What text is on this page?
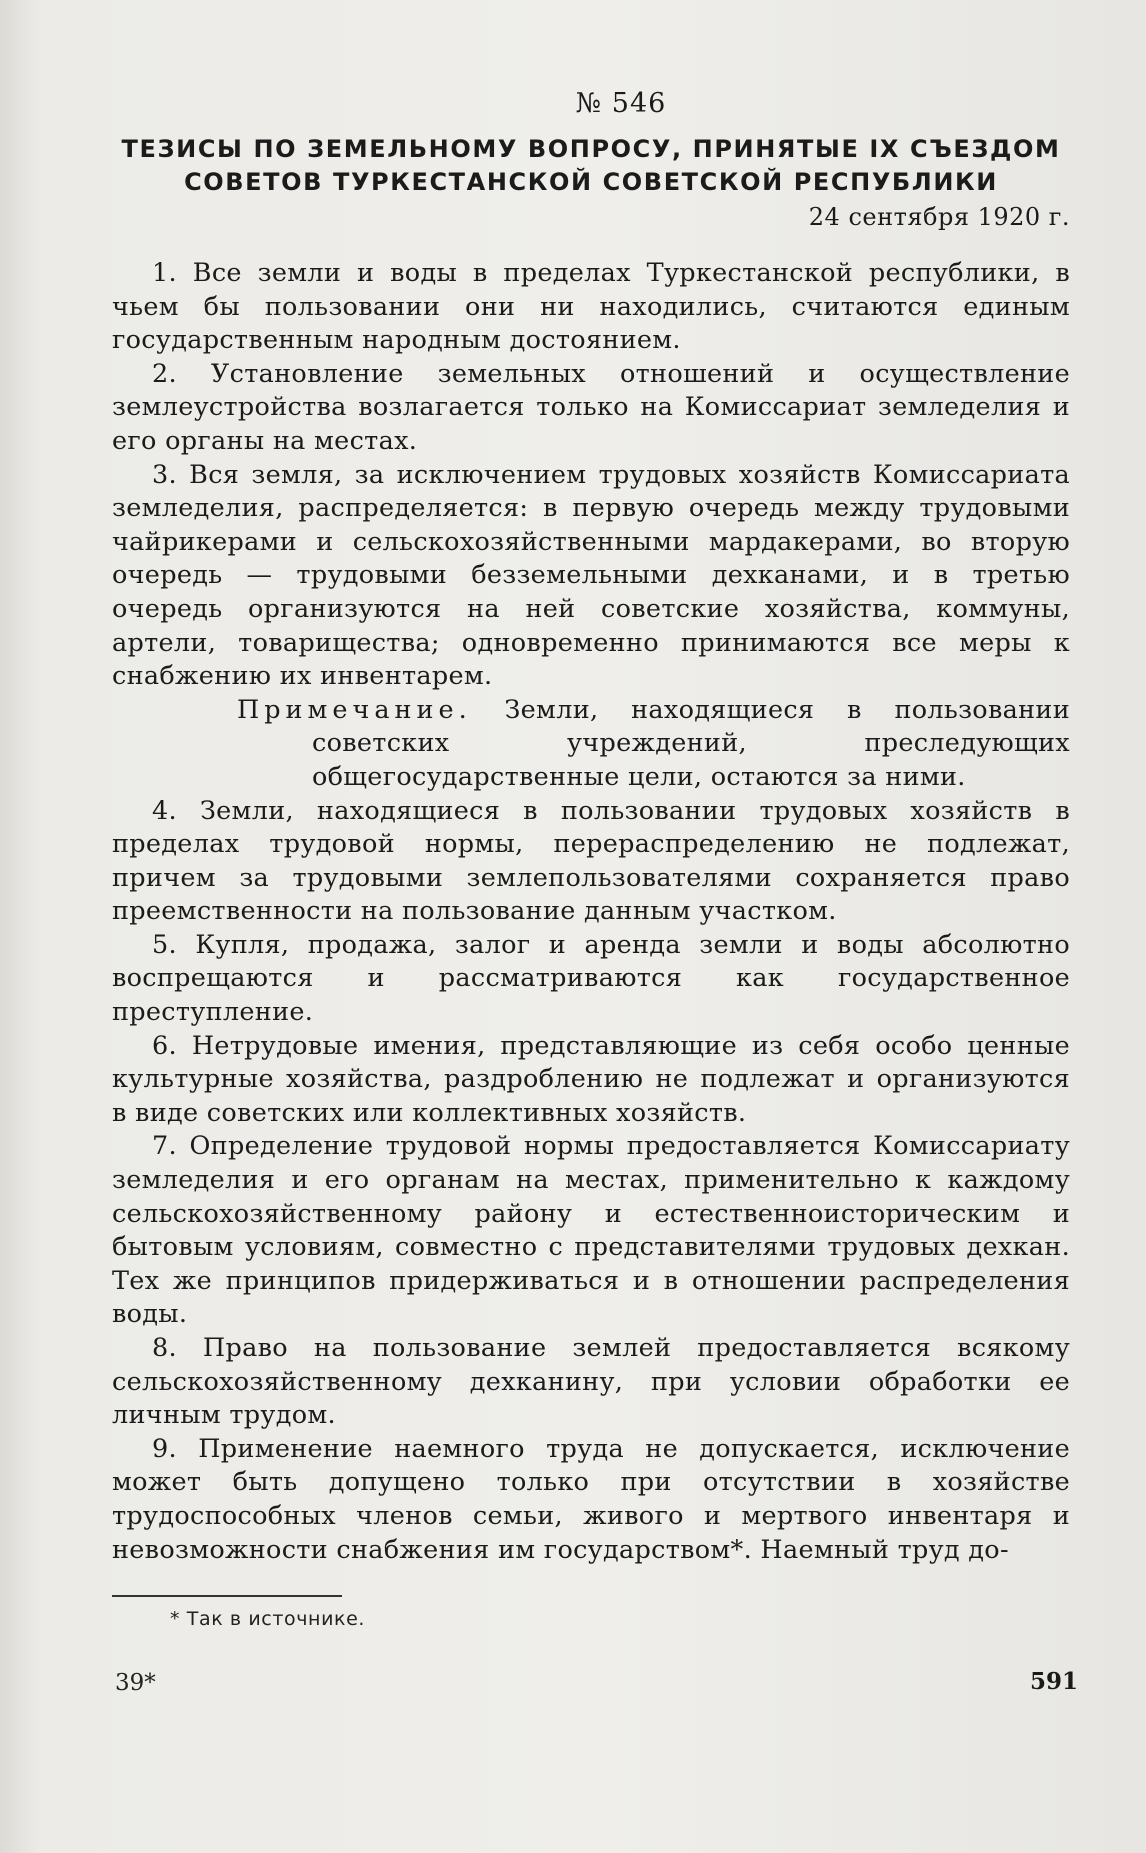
№ 546
ТЕЗИСЫ ПО ЗЕМЕЛЬНОМУ ВОПРОСУ, ПРИНЯТЫЕ IX СЪЕЗДОМ
СОВЕТОВ ТУРКЕСТАНСКОЙ СОВЕТСКОЙ РЕСПУБЛИКИ
24 сентября 1920 г.

1. Все земли и воды в пределах Туркестанской республики, в чьем бы пользовании они ни находились, считаются единым государственным народным достоянием.

2. Установление земельных отношений и осуществление землеустройства возлагается только на Комиссариат земледелия и его органы на местах.

3. Вся земля, за исключением трудовых хозяйств Комиссариата земледелия, распределяется: в первую очередь между трудовыми чайрикерами и сельскохозяйственными мардакерами, во вторую очередь — трудовыми безземельными дехканами, и в третью очередь организуются на ней советские хозяйства, коммуны, артели, товарищества; одновременно принимаются все меры к снабжению их инвентарем.

Примечание. Земли, находящиеся в пользовании советских учреждений, преследующих общегосударственные цели, остаются за ними.

4. Земли, находящиеся в пользовании трудовых хозяйств в пределах трудовой нормы, перераспределению не подлежат, причем за трудовыми землепользователями сохраняется право преемственности на пользование данным участком.

5. Купля, продажа, залог и аренда земли и воды абсолютно воспрещаются и рассматриваются как государственное преступление.

6. Нетрудовые имения, представляющие из себя особо ценные культурные хозяйства, раздроблению не подлежат и организуются в виде советских или коллективных хозяйств.

7. Определение трудовой нормы предоставляется Комиссариату земледелия и его органам на местах, применительно к каждому сельскохозяйственному району и естественноисторическим и бытовым условиям, совместно с представителями трудовых дехкан. Тех же принципов придерживаться и в отношении распределения воды.

8. Право на пользование землей предоставляется всякому сельскохозяйственному дехканину, при условии обработки ее личным трудом.

9. Применение наемного труда не допускается, исключение может быть допущено только при отсутствии в хозяйстве трудоспособных членов семьи, живого и мертвого инвентаря и невозможности снабжения им государством*. Наемный труд до-

* Так в источнике.
39*	591
